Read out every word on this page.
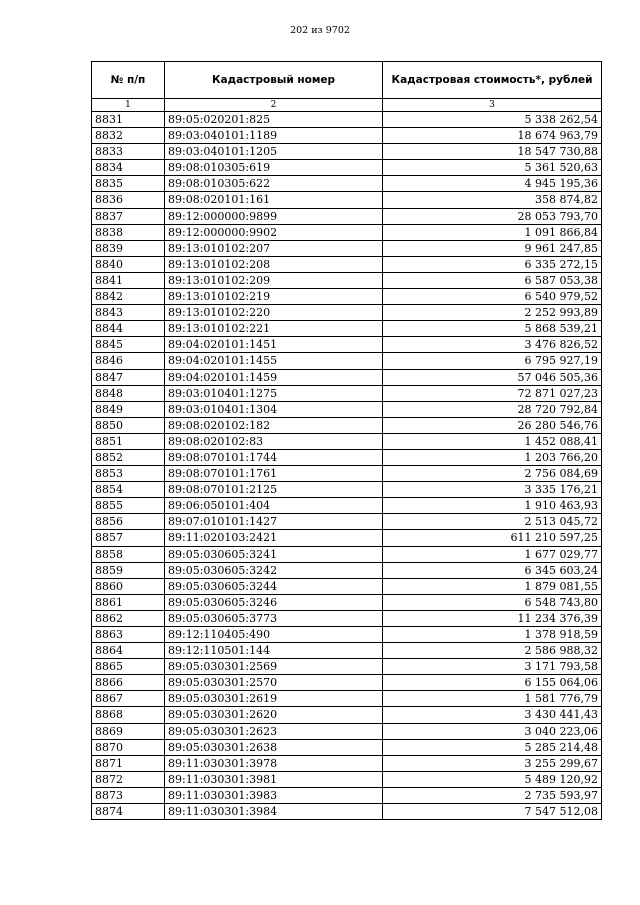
202 из 9702
№ п/п	Кадастровый номер	Кадастровая стоимость*, рублей
1	2	3
8831	89:05:020201:825	5 338 262,54
8832	89:03:040101:1189	18 674 963,79
8833	89:03:040101:1205	18 547 730,88
8834	89:08:010305:619	5 361 520,63
8835	89:08:010305:622	4 945 195,36
8836	89:08:020101:161	358 874,82
8837	89:12:000000:9899	28 053 793,70
8838	89:12:000000:9902	1 091 866,84
8839	89:13:010102:207	9 961 247,85
8840	89:13:010102:208	6 335 272,15
8841	89:13:010102:209	6 587 053,38
8842	89:13:010102:219	6 540 979,52
8843	89:13:010102:220	2 252 993,89
8844	89:13:010102:221	5 868 539,21
8845	89:04:020101:1451	3 476 826,52
8846	89:04:020101:1455	6 795 927,19
8847	89:04:020101:1459	57 046 505,36
8848	89:03:010401:1275	72 871 027,23
8849	89:03:010401:1304	28 720 792,84
8850	89:08:020102:182	26 280 546,76
8851	89:08:020102:83	1 452 088,41
8852	89:08:070101:1744	1 203 766,20
8853	89:08:070101:1761	2 756 084,69
8854	89:08:070101:2125	3 335 176,21
8855	89:06:050101:404	1 910 463,93
8856	89:07:010101:1427	2 513 045,72
8857	89:11:020103:2421	611 210 597,25
8858	89:05:030605:3241	1 677 029,77
8859	89:05:030605:3242	6 345 603,24
8860	89:05:030605:3244	1 879 081,55
8861	89:05:030605:3246	6 548 743,80
8862	89:05:030605:3773	11 234 376,39
8863	89:12:110405:490	1 378 918,59
8864	89:12:110501:144	2 586 988,32
8865	89:05:030301:2569	3 171 793,58
8866	89:05:030301:2570	6 155 064,06
8867	89:05:030301:2619	1 581 776,79
8868	89:05:030301:2620	3 430 441,43
8869	89:05:030301:2623	3 040 223,06
8870	89:05:030301:2638	5 285 214,48
8871	89:11:030301:3978	3 255 299,67
8872	89:11:030301:3981	5 489 120,92
8873	89:11:030301:3983	2 735 593,97
8874	89:11:030301:3984	7 547 512,08
